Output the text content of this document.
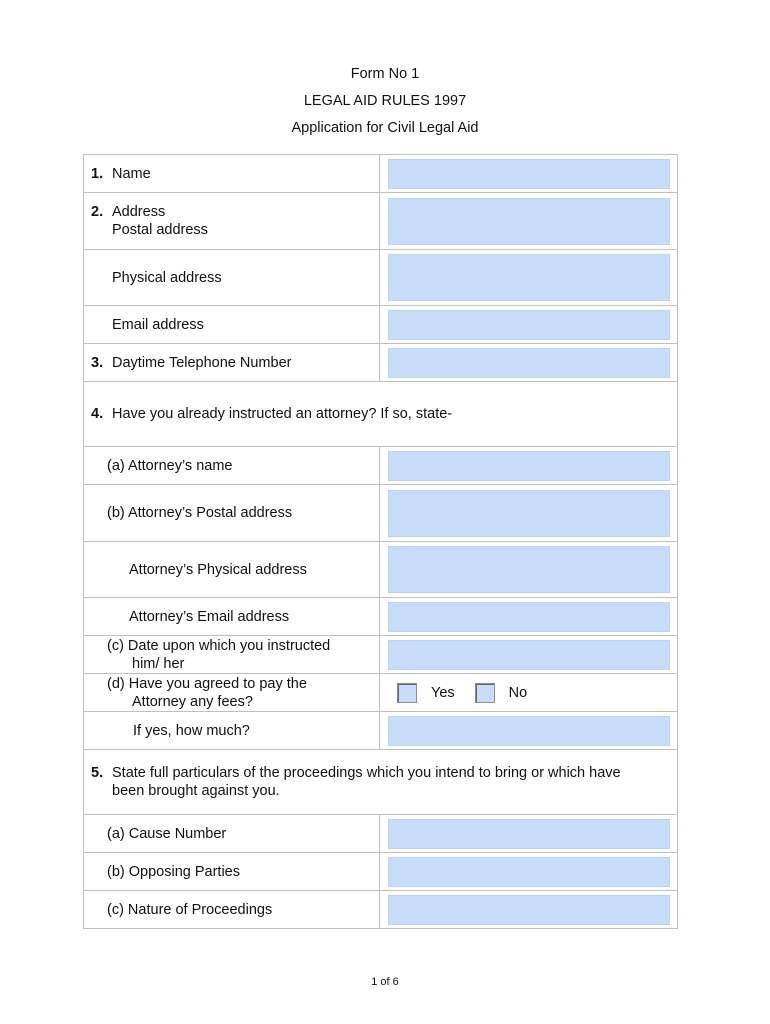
Form No 1
LEGAL AID RULES 1997
Application for Civil Legal Aid
1. Name	

2. Address
Postal address	

Physical address	

Email address	

3. Daytime Telephone Number	

4. Have you already instructed an attorney? If so, state-	

(a) Attorney’s name	

(b) Attorney’s Postal address	

Attorney’s Physical address	

Attorney’s Email address	

(c) Date upon which you instructed
him/ her	

(d) Have you agreed to pay the
Attorney any fees?	Yes No

If yes, how much?	

5. State full particulars of the proceedings which you intend to bring or which have
been brought against you.	

(a) Cause Number	

(b) Opposing Parties	

(c) Nature of Proceedings	

1 of 6
